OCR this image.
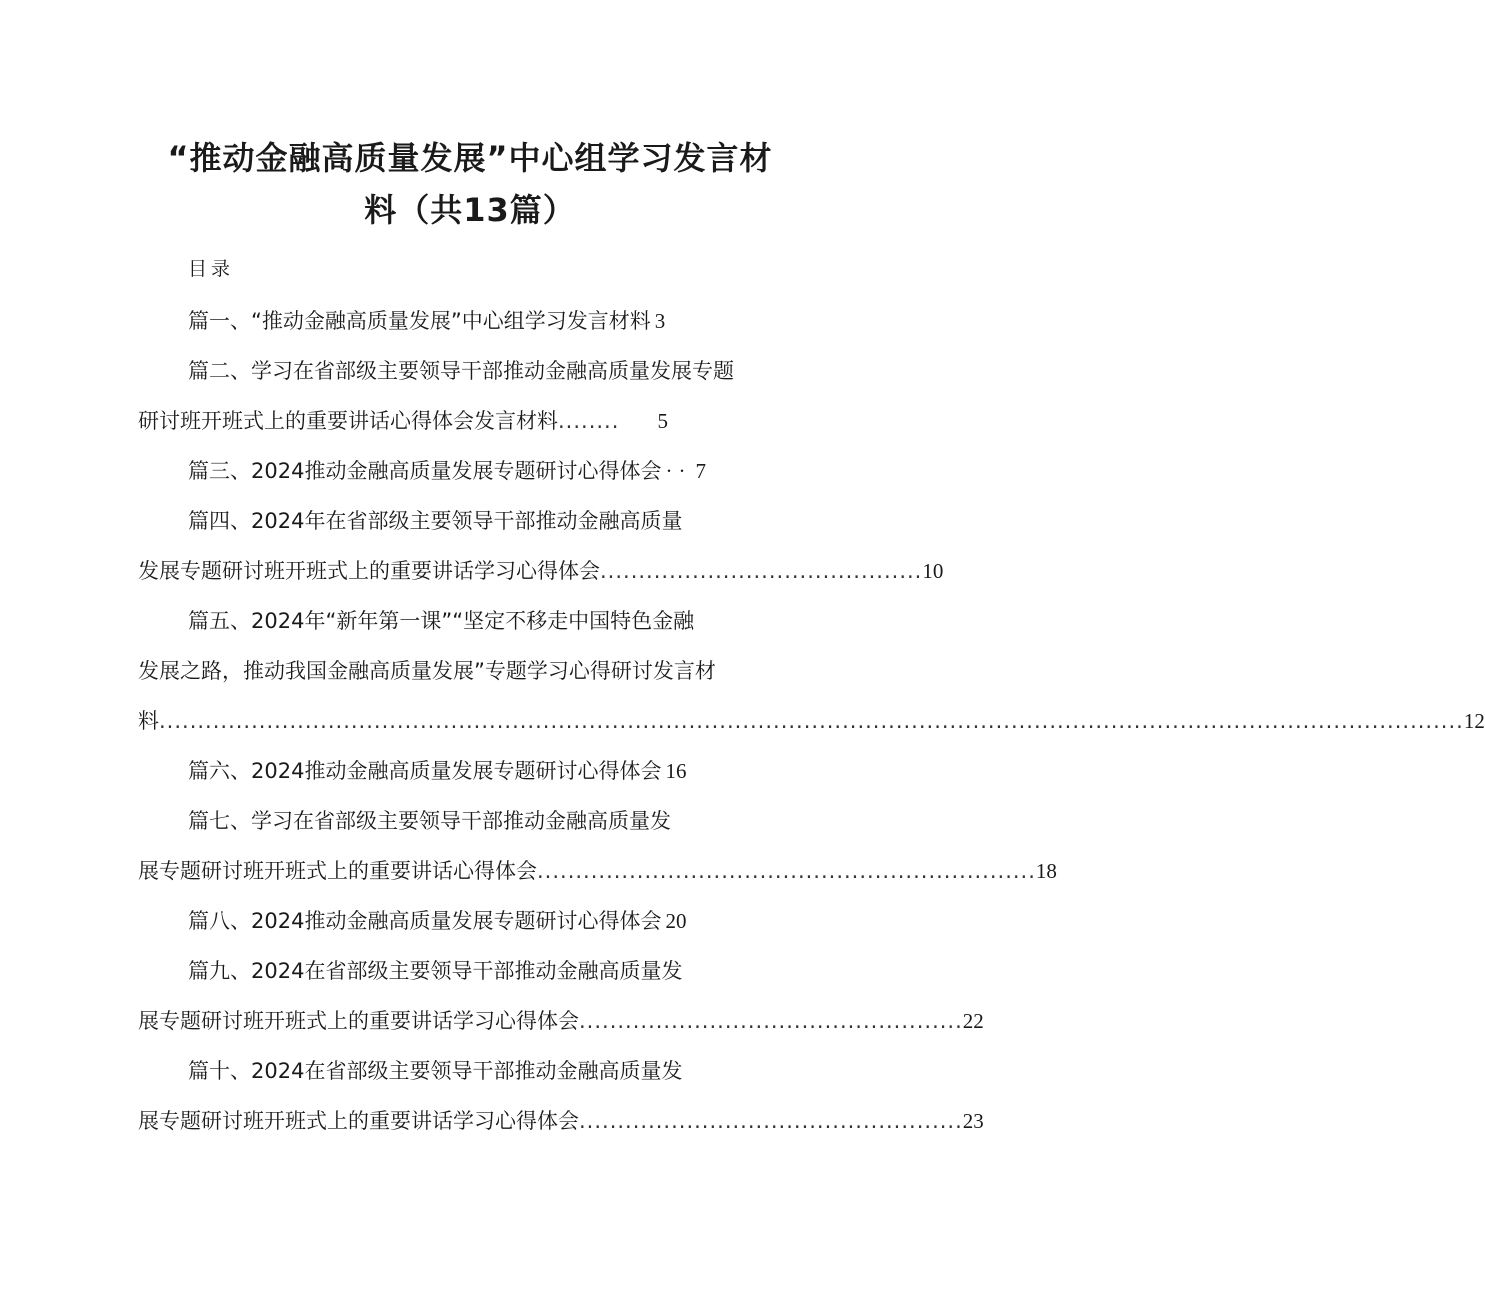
“推动金融高质量发展”中心组学习发言材
料（共13篇）
目录
篇一、“推动金融高质量发展”中心组学习发言材料 3
篇二、学习在省部级主要领导干部推动金融高质量发展专题
研讨班开班式上的重要讲话心得体会发言材料 ........	5
篇三、2024推动金融高质量发展专题研讨心得体会 ·· 7
篇四、2024年在省部级主要领导干部推动金融高质量
发展专题研讨班开班式上的重要讲话学习心得体会 .......................................... 10
篇五、2024年“新年第一课”“坚定不移走中国特色金融
发展之路，推动我国金融高质量发展”专题学习心得研讨发言材
料 .......................................................................................................................................................................... 12
篇六、2024推动金融高质量发展专题研讨心得体会 16
篇七、学习在省部级主要领导干部推动金融高质量发
展专题研讨班开班式上的重要讲话心得体会 ................................................................. 18
篇八、2024推动金融高质量发展专题研讨心得体会 20
篇九、2024在省部级主要领导干部推动金融高质量发
展专题研讨班开班式上的重要讲话学习心得体会 .................................................. 22
篇十、2024在省部级主要领导干部推动金融高质量发
展专题研讨班开班式上的重要讲话学习心得体会 .................................................. 23
